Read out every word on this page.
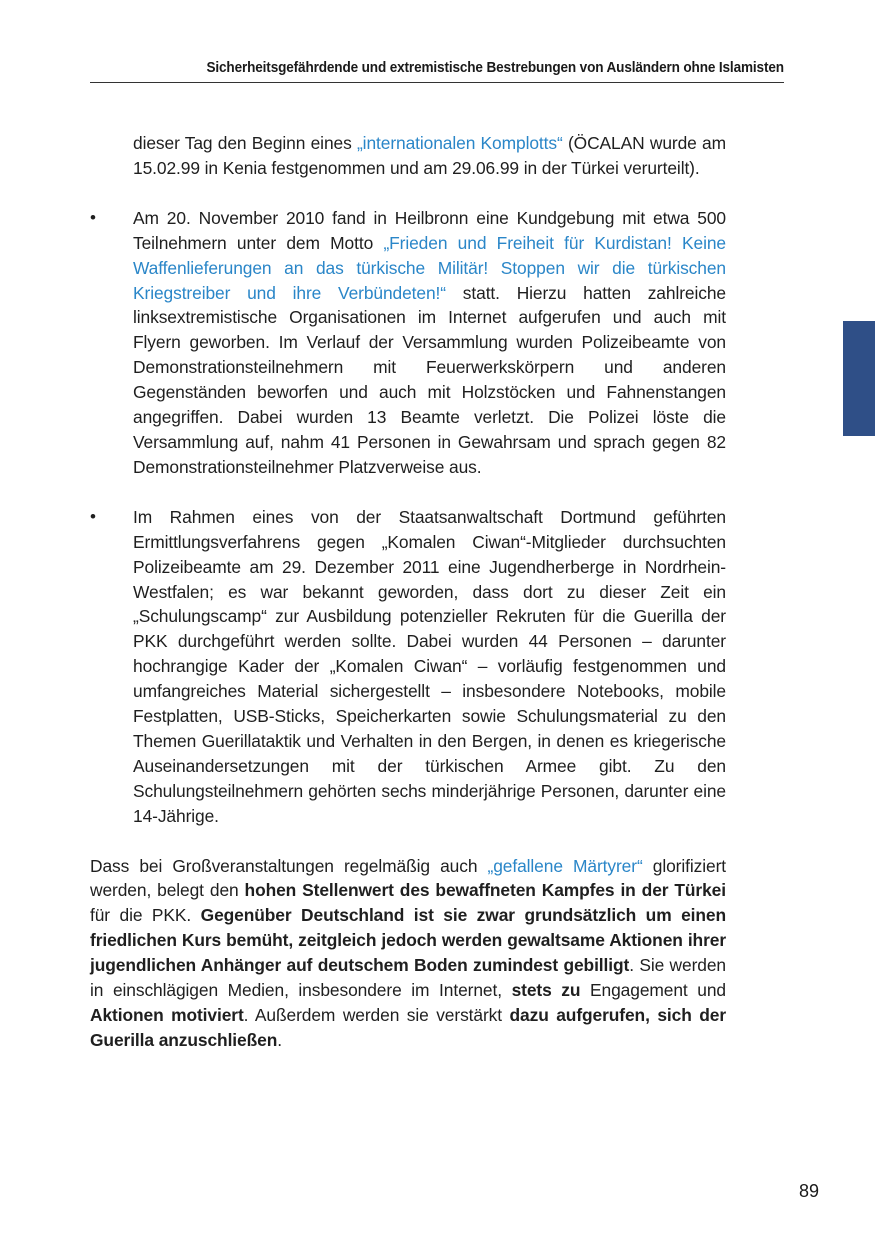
Sicherheitsgefährdende und extremistische Bestrebungen von Ausländern ohne Islamisten

dieser Tag den Beginn eines „internationalen Komplotts“ (ÖCALAN wurde am 15.02.99 in Kenia festgenommen und am 29.06.99 in der Türkei verurteilt).

• Am 20. November 2010 fand in Heilbronn eine Kundgebung mit etwa 500 Teilnehmern unter dem Motto „Frieden und Freiheit für Kurdistan! Keine Waffenlieferungen an das türkische Militär! Stoppen wir die türkischen Kriegstreiber und ihre Verbündeten!“ statt. Hierzu hatten zahlreiche linksextremistische Organisationen im Internet aufgerufen und auch mit Flyern geworben. Im Verlauf der Versammlung wurden Polizeibeamte von Demonstrationsteilnehmern mit Feuerwerkskörpern und anderen Gegenständen beworfen und auch mit Holzstöcken und Fahnenstangen angegriffen. Dabei wurden 13 Beamte verletzt. Die Polizei löste die Versammlung auf, nahm 41 Personen in Gewahrsam und sprach gegen 82 Demonstrationsteilnehmer Platzverweise aus.

• Im Rahmen eines von der Staatsanwaltschaft Dortmund geführten Ermittlungsverfahrens gegen „Komalen Ciwan“-Mitglieder durchsuchten Polizeibeamte am 29. Dezember 2011 eine Jugendherberge in Nordrhein-Westfalen; es war bekannt geworden, dass dort zu dieser Zeit ein „Schulungscamp“ zur Ausbildung potenzieller Rekruten für die Guerilla der PKK durchgeführt werden sollte. Dabei wurden 44 Personen – darunter hochrangige Kader der „Komalen Ciwan“ – vorläufig festgenommen und umfangreiches Material sichergestellt – insbesondere Notebooks, mobile Festplatten, USB-Sticks, Speicherkarten sowie Schulungsmaterial zu den Themen Guerillataktik und Verhalten in den Bergen, in denen es kriegerische Auseinandersetzungen mit der türkischen Armee gibt. Zu den Schulungsteilnehmern gehörten sechs minderjährige Personen, darunter eine 14-Jährige.

Dass bei Großveranstaltungen regelmäßig auch „gefallene Märtyrer“ glorifiziert werden, belegt den hohen Stellenwert des bewaffneten Kampfes in der Türkei für die PKK. Gegenüber Deutschland ist sie zwar grundsätzlich um einen friedlichen Kurs bemüht, zeitgleich jedoch werden gewaltsame Aktionen ihrer jugendlichen Anhänger auf deutschem Boden zumindest gebilligt. Sie werden in einschlägigen Medien, insbesondere im Internet, stets zu Engagement und Aktionen motiviert. Außerdem werden sie verstärkt dazu aufgerufen, sich der Guerilla anzuschließen.

89
